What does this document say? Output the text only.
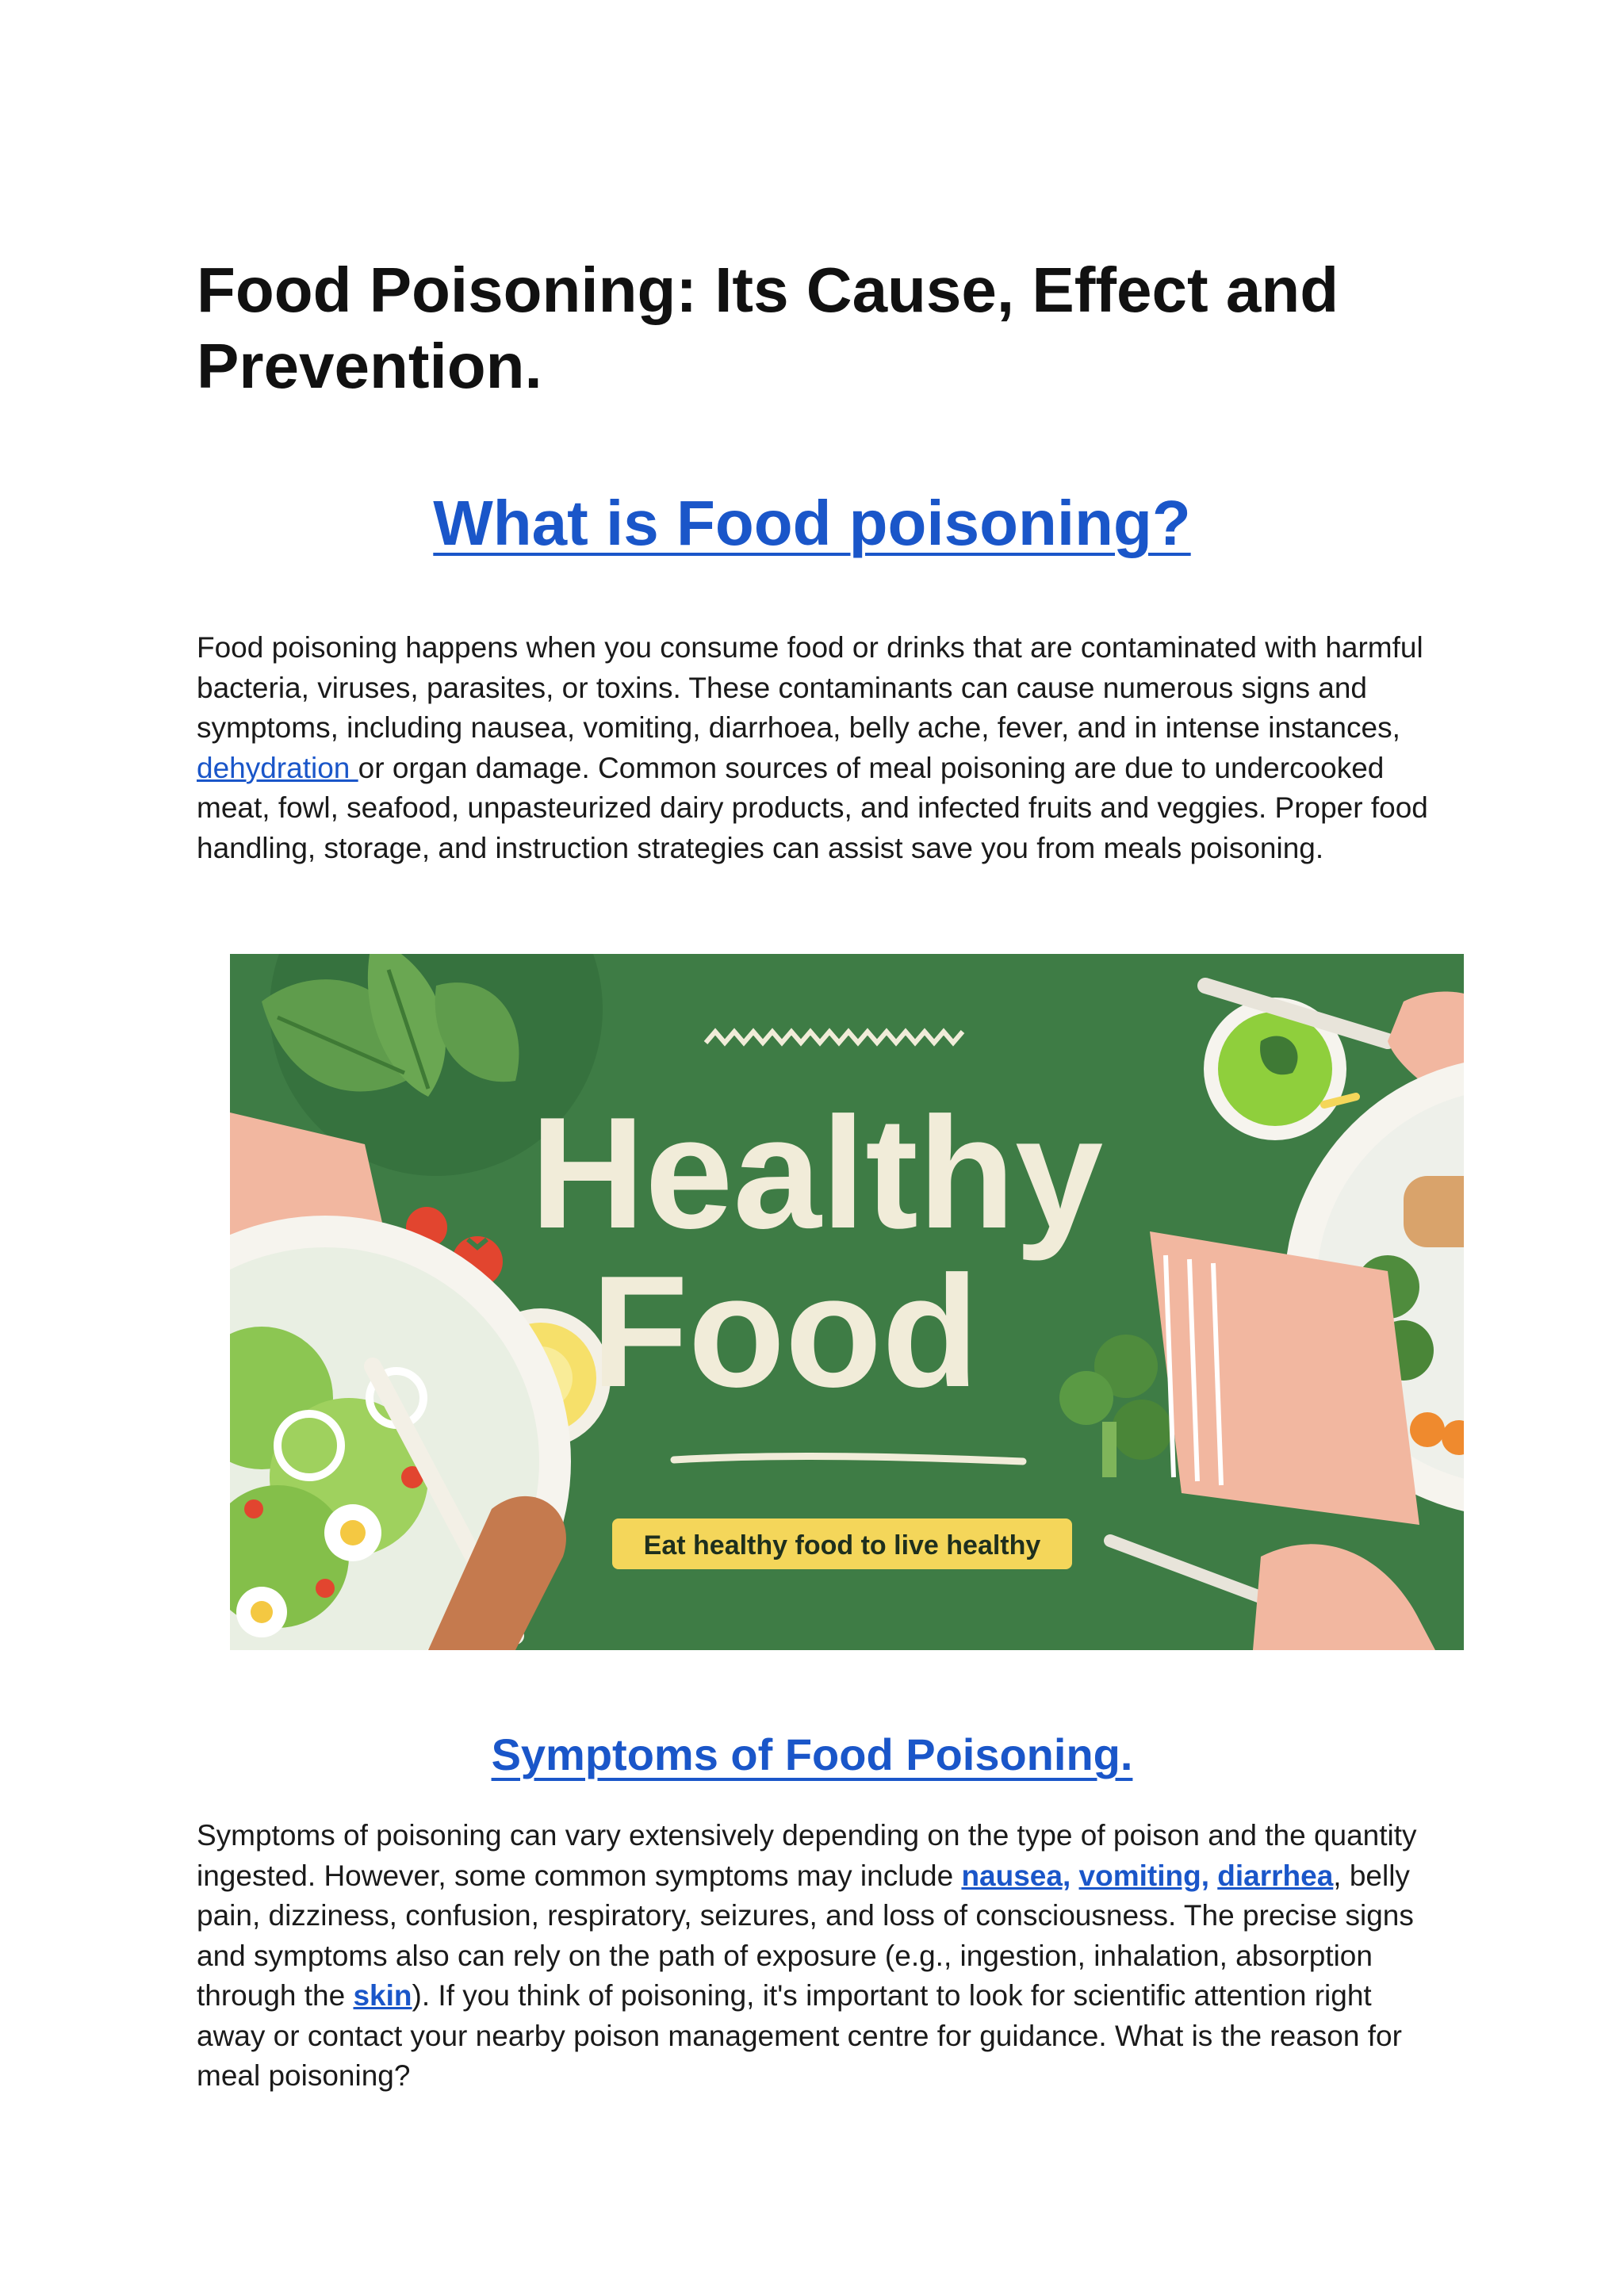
Food Poisoning: Its Cause, Effect and Prevention.
What is Food poisoning?

Food poisoning happens when you consume food or drinks that are contaminated with harmful bacteria, viruses, parasites, or toxins. These contaminants can cause numerous signs and symptoms, including nausea, vomiting, diarrhoea, belly ache, fever, and in intense instances, dehydration or organ damage. Common sources of meal poisoning are due to undercooked meat, fowl, seafood, unpasteurized dairy products, and infected fruits and veggies. Proper food handling, storage, and instruction strategies can assist save you from meals poisoning.

Healthy
Food
Eat healthy food to live healthy
Symptoms of Food Poisoning.

Symptoms of poisoning can vary extensively depending on the type of poison and the quantity ingested. However, some common symptoms may include nausea, vomiting, diarrhea, belly pain, dizziness, confusion, respiratory, seizures, and loss of consciousness. The precise signs and symptoms also can rely on the path of exposure (e.g., ingestion, inhalation, absorption through the skin). If you think of poisoning, it's important to look for scientific attention right away or contact your nearby poison management centre for guidance. What is the reason for meal poisoning?
